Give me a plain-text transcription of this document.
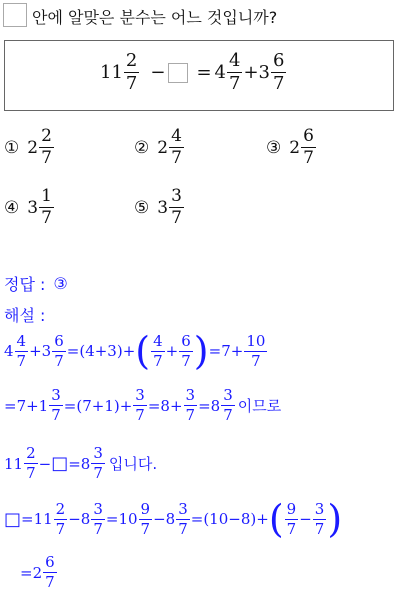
안에 알맞은 분수는 어느 것입니까?
$11 \frac{2}{7}$ − = $4 \frac{4}{7} + 3 \frac{6}{7}$
① $2 \frac{2}{7}$	② $2 \frac{4}{7}$	③ $2 \frac{6}{7}$
④ $3 \frac{1}{7}$	⑤ $3 \frac{3}{7}$
정답 : ③
해설 :
$4 \frac{4}{7} + 3 \frac{6}{7} = (4+3)+$ ( $\frac{4}{7} + \frac{6}{7}$ ) = $7+ \frac{10}{7}$
$=7+1 \frac{3}{7} =(7+1)+ \frac{3}{7} =8+ \frac{3}{7} =8 \frac{3}{7}$ 이므로
$11 \frac{2}{7}$ − □ $=8 \frac{3}{7}$ 입니다.
□ $=11 \frac{2}{7} -8 \frac{3}{7} =10 \frac{9}{7} -8 \frac{3}{7} =(10-8)+$ ( $\frac{9}{7} - \frac{3}{7}$ )
$=2 \frac{6}{7}$
